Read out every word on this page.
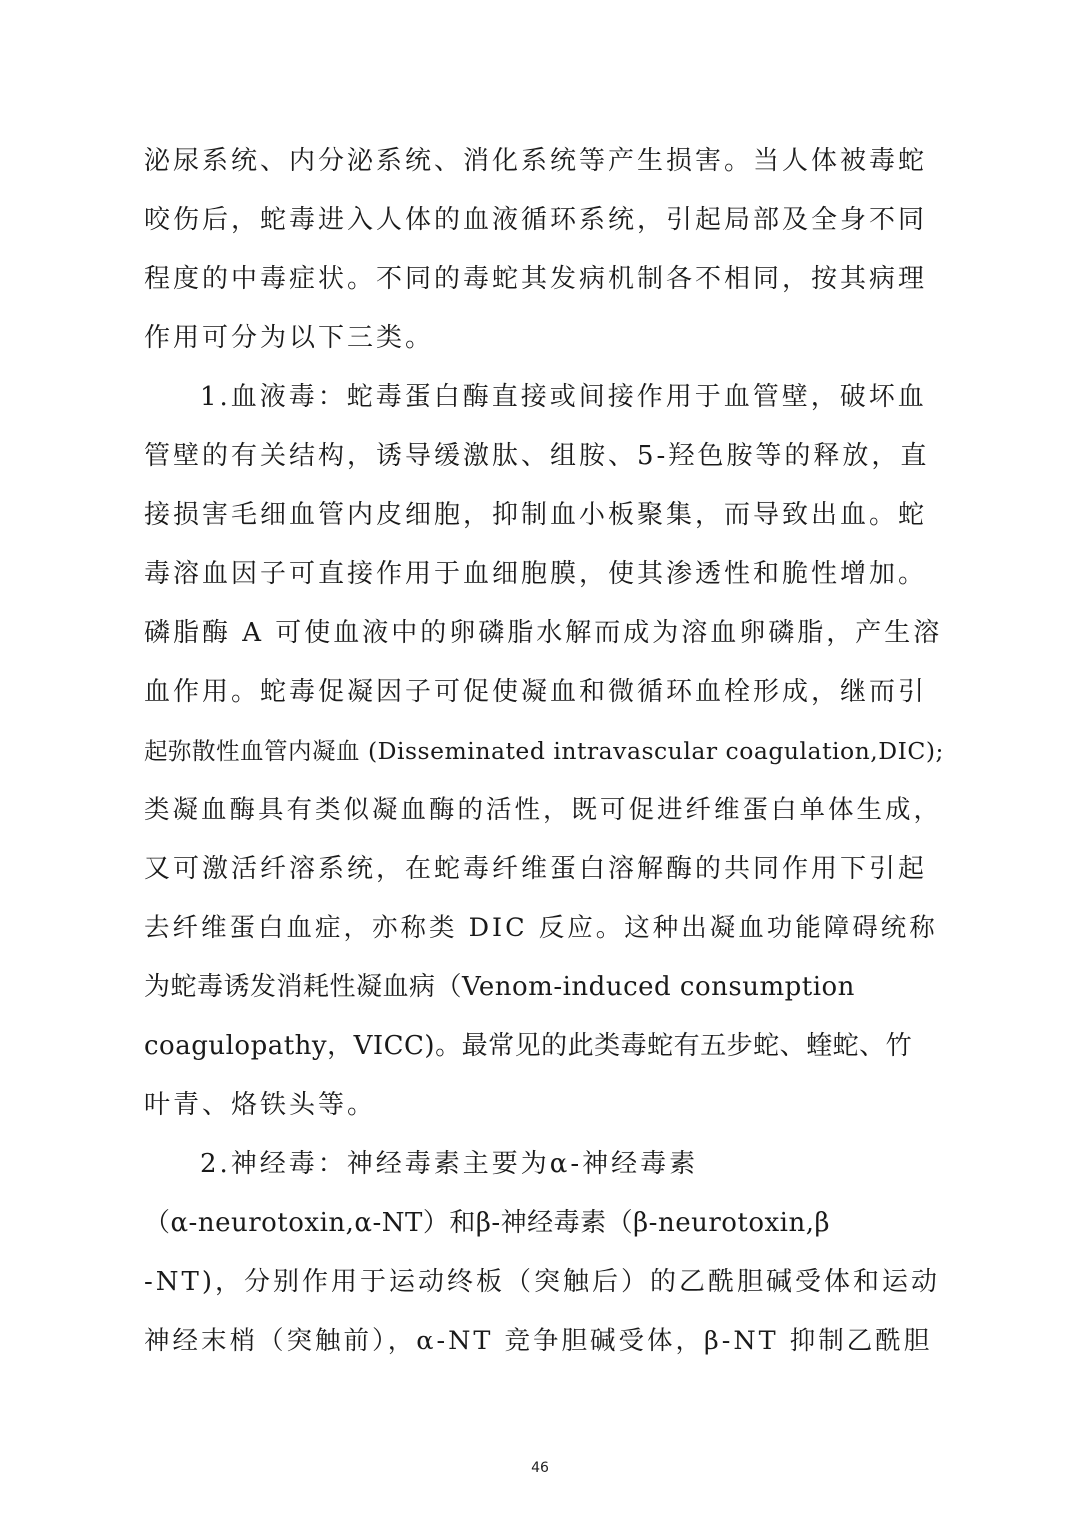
泌尿系统、内分泌系统、消化系统等产生损害。当人体被毒蛇
咬伤后，蛇毒进入人体的血液循环系统，引起局部及全身不同
程度的中毒症状。不同的毒蛇其发病机制各不相同，按其病理
作用可分为以下三类。
1.血液毒：蛇毒蛋白酶直接或间接作用于血管壁，破坏血
管壁的有关结构，诱导缓激肽、组胺、5-羟色胺等的释放，直
接损害毛细血管内皮细胞，抑制血小板聚集，而导致出血。蛇
毒溶血因子可直接作用于血细胞膜，使其渗透性和脆性增加。
磷脂酶 A 可使血液中的卵磷脂水解而成为溶血卵磷脂，产生溶
血作用。蛇毒促凝因子可促使凝血和微循环血栓形成，继而引
起弥散性血管内凝血 (Disseminated intravascular coagulation,DIC);
类凝血酶具有类似凝血酶的活性，既可促进纤维蛋白单体生成，
又可激活纤溶系统，在蛇毒纤维蛋白溶解酶的共同作用下引起
去纤维蛋白血症，亦称类 DIC 反应。这种出凝血功能障碍统称
为蛇毒诱发消耗性凝血病（Venom-induced consumption
coagulopathy，VICC)。最常见的此类毒蛇有五步蛇、蝰蛇、竹
叶青、烙铁头等。
2.神经毒：神经毒素主要为α-神经毒素
（α-neurotoxin,α-NT）和β-神经毒素（β-neurotoxin,β
-NT)，分别作用于运动终板（突触后）的乙酰胆碱受体和运动
神经末梢（突触前），α-NT 竞争胆碱受体，β-NT 抑制乙酰胆
46
